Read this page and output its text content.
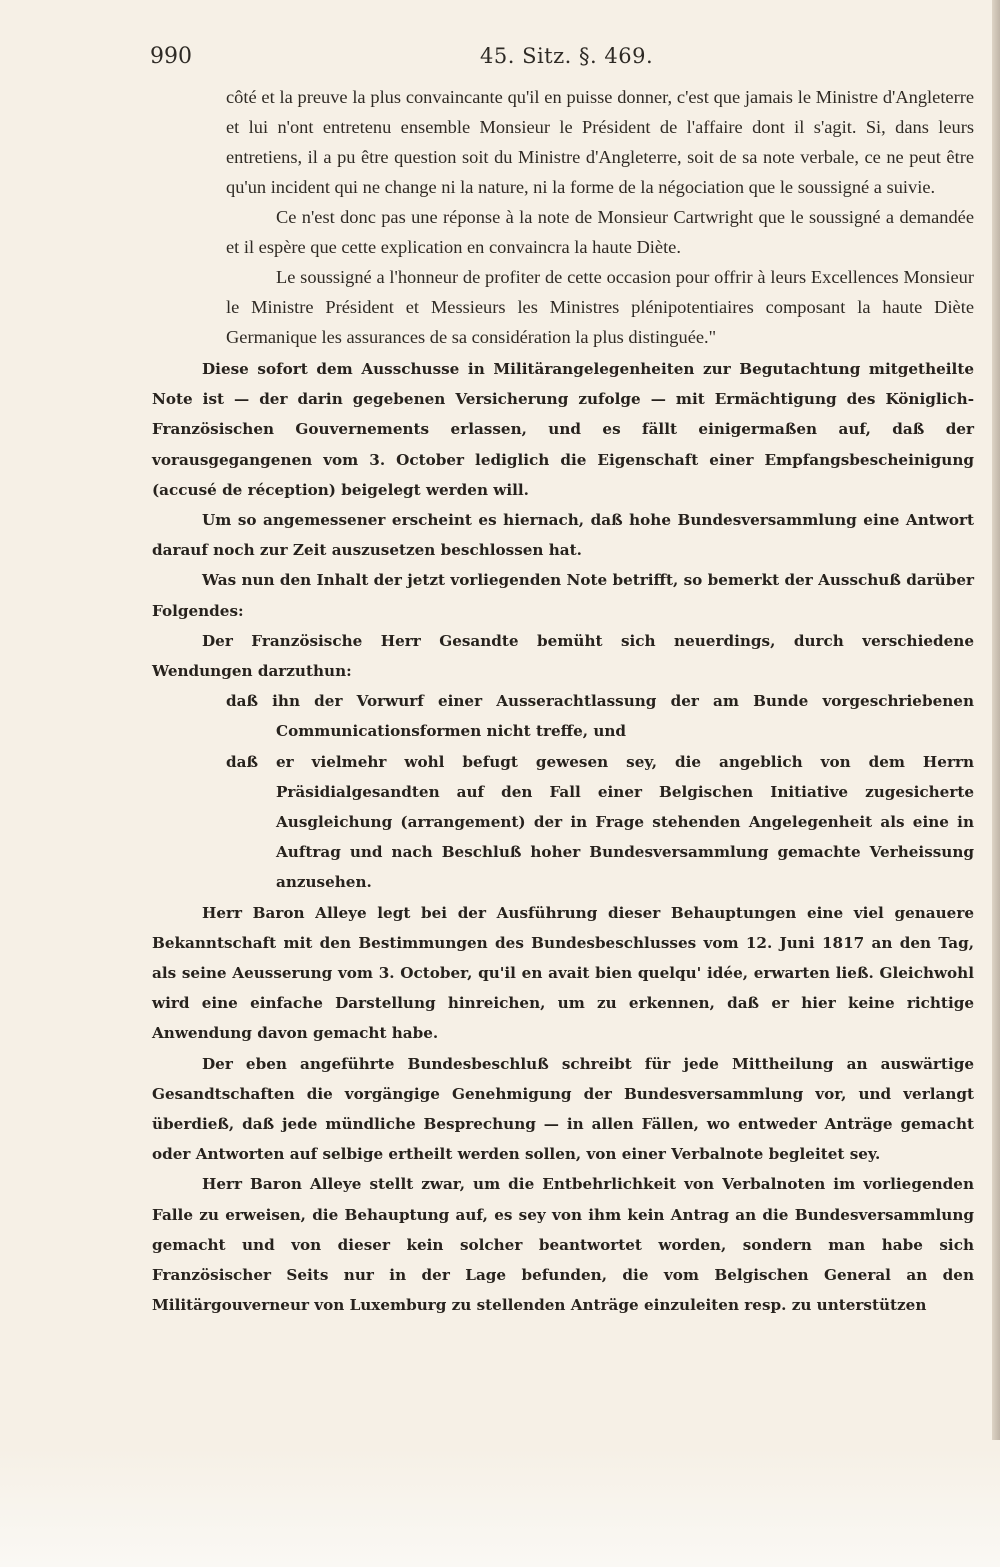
990	45. Sitz. §. 469.

côté et la preuve la plus convaincante qu'il en puisse donner, c'est que jamais le Ministre d'Angleterre et lui n'ont entretenu ensemble Monsieur le Président de l'affaire dont il s'agit. Si, dans leurs entretiens, il a pu être question soit du Ministre d'Angleterre, soit de sa note verbale, ce ne peut être qu'un incident qui ne change ni la nature, ni la forme de la négociation que le soussigné a suivie.

Ce n'est donc pas une réponse à la note de Monsieur Cartwright que le soussigné a demandée et il espère que cette explication en convaincra la haute Diète.

Le soussigné a l'honneur de profiter de cette occasion pour offrir à leurs Excellences Monsieur le Ministre Président et Messieurs les Ministres plénipotentiaires composant la haute Diète Germanique les assurances de sa considération la plus distinguée."

Diese sofort dem Ausschusse in Militärangelegenheiten zur Begutachtung mitgetheilte Note ist — der darin gegebenen Versicherung zufolge — mit Ermächtigung des Königlich-Französischen Gouvernements erlassen, und es fällt einigermaßen auf, daß der vorausgegangenen vom 3. October lediglich die Eigenschaft einer Empfangsbescheinigung (accusé de réception) beigelegt werden will.

Um so angemessener erscheint es hiernach, daß hohe Bundesversammlung eine Antwort darauf noch zur Zeit auszusetzen beschlossen hat.

Was nun den Inhalt der jetzt vorliegenden Note betrifft, so bemerkt der Ausschuß darüber Folgendes:

Der Französische Herr Gesandte bemüht sich neuerdings, durch verschiedene Wendungen darzuthun:

daß ihn der Vorwurf einer Ausserachtlassung der am Bunde vorgeschriebenen Communicationsformen nicht treffe, und

daß er vielmehr wohl befugt gewesen sey, die angeblich von dem Herrn Präsidialgesandten auf den Fall einer Belgischen Initiative zugesicherte Ausgleichung (arrangement) der in Frage stehenden Angelegenheit als eine in Auftrag und nach Beschluß hoher Bundesversammlung gemachte Verheissung anzusehen.

Herr Baron Alleye legt bei der Ausführung dieser Behauptungen eine viel genauere Bekanntschaft mit den Bestimmungen des Bundesbeschlusses vom 12. Juni 1817 an den Tag, als seine Aeusserung vom 3. October, qu'il en avait bien quelqu' idée, erwarten ließ. Gleichwohl wird eine einfache Darstellung hinreichen, um zu erkennen, daß er hier keine richtige Anwendung davon gemacht habe.

Der eben angeführte Bundesbeschluß schreibt für jede Mittheilung an auswärtige Gesandtschaften die vorgängige Genehmigung der Bundesversammlung vor, und verlangt überdieß, daß jede mündliche Besprechung — in allen Fällen, wo entweder Anträge gemacht oder Antworten auf selbige ertheilt werden sollen, von einer Verbalnote begleitet sey.

Herr Baron Alleye stellt zwar, um die Entbehrlichkeit von Verbalnoten im vorliegenden Falle zu erweisen, die Behauptung auf, es sey von ihm kein Antrag an die Bundesversammlung gemacht und von dieser kein solcher beantwortet worden, sondern man habe sich Französischer Seits nur in der Lage befunden, die vom Belgischen General an den Militärgouverneur von Luxemburg zu stellenden Anträge einzuleiten resp. zu unterstützen
